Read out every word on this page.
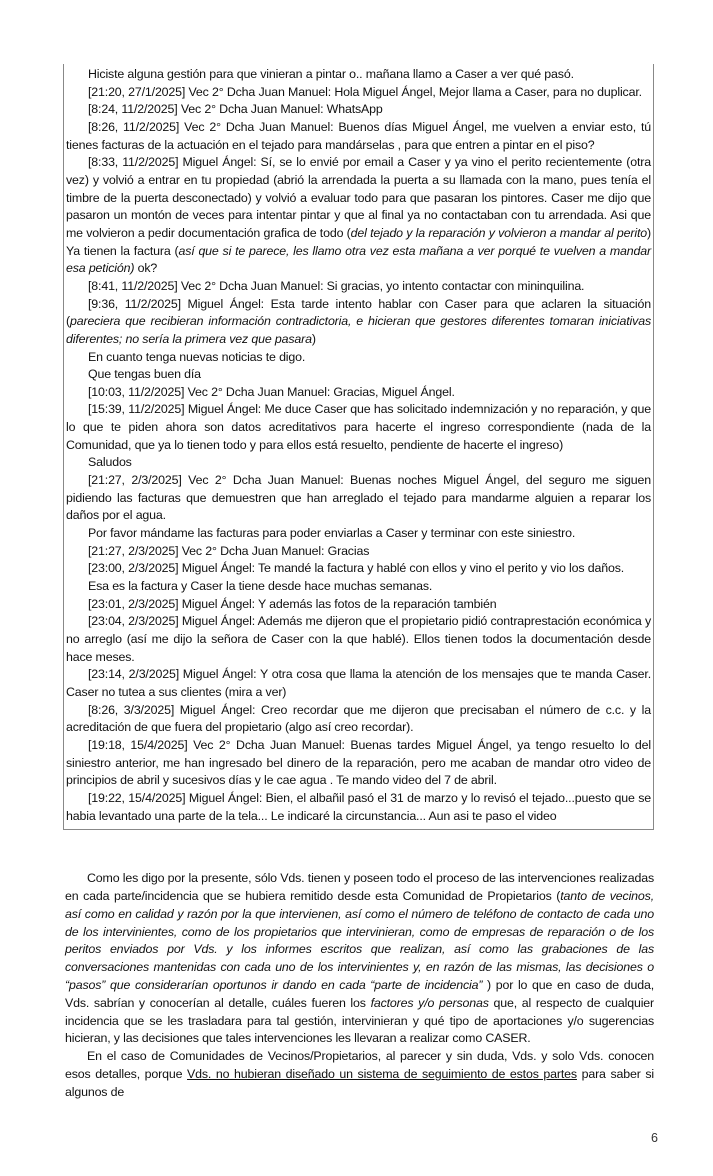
Hiciste alguna gestión para que vinieran a pintar o.. mañana llamo a Caser a ver qué pasó.

[21:20, 27/1/2025] Vec 2° Dcha Juan Manuel: Hola Miguel Ángel, Mejor llama a Caser, para no duplicar.

[8:24, 11/2/2025] Vec 2° Dcha Juan Manuel: WhatsApp

[8:26, 11/2/2025] Vec 2° Dcha Juan Manuel: Buenos días Miguel Ángel, me vuelven a enviar esto, tú tienes facturas de la actuación en el tejado para mandárselas , para que entren a pintar en el piso?

[8:33, 11/2/2025] Miguel Ángel: Sí, se lo envié por email a Caser y ya vino el perito recientemente (otra vez) y volvió a entrar en tu propiedad (abrió la arrendada la puerta a su llamada con la mano, pues tenía el timbre de la puerta desconectado) y volvió a evaluar todo para que pasaran los pintores. Caser me dijo que pasaron un montón de veces para intentar pintar y que al final ya no contactaban con tu arrendada. Asi que me volvieron a pedir documentación grafica de todo (del tejado y la reparación y volvieron a mandar al perito) Ya tienen la factura (así que si te parece, les llamo otra vez esta mañana a ver porqué te vuelven a mandar esa petición) ok?

[8:41, 11/2/2025] Vec 2° Dcha Juan Manuel: Si gracias, yo intento contactar con mininquilina.

[9:36, 11/2/2025] Miguel Ángel: Esta tarde intento hablar con Caser para que aclaren la situación (pareciera que recibieran información contradictoria, e hicieran que gestores diferentes tomaran iniciativas diferentes; no sería la primera vez que pasara)

En cuanto tenga nuevas noticias te digo.

Que tengas buen día

[10:03, 11/2/2025] Vec 2° Dcha Juan Manuel: Gracias, Miguel Ángel.

[15:39, 11/2/2025] Miguel Ángel: Me duce Caser que has solicitado indemnización y no reparación, y que lo que te piden ahora son datos acreditativos para hacerte el ingreso correspondiente (nada de la Comunidad, que ya lo tienen todo y para ellos está resuelto, pendiente de hacerte el ingreso)

Saludos

[21:27, 2/3/2025] Vec 2° Dcha Juan Manuel: Buenas noches Miguel Ángel, del seguro me siguen pidiendo las facturas que demuestren que han arreglado el tejado para mandarme alguien a reparar los daños por el agua.

Por favor mándame las facturas para poder enviarlas a Caser y terminar con este siniestro.

[21:27, 2/3/2025] Vec 2° Dcha Juan Manuel: Gracias

[23:00, 2/3/2025] Miguel Ángel: Te mandé la factura y hablé con ellos y vino el perito y vio los daños.

Esa es la factura y Caser la tiene desde hace muchas semanas.

[23:01, 2/3/2025] Miguel Ángel: Y además las fotos de la reparación también

[23:04, 2/3/2025] Miguel Ángel: Además me dijeron que el propietario pidió contraprestación económica y no arreglo (así me dijo la señora de Caser con la que hablé). Ellos tienen todos la documentación desde hace meses.

[23:14, 2/3/2025] Miguel Ángel: Y otra cosa que llama la atención de los mensajes que te manda Caser. Caser no tutea a sus clientes (mira a ver)

[8:26, 3/3/2025] Miguel Ángel: Creo recordar que me dijeron que precisaban el número de c.c. y la acreditación de que fuera del propietario (algo así creo recordar).

[19:18, 15/4/2025] Vec 2° Dcha Juan Manuel: Buenas tardes Miguel Ángel, ya tengo resuelto lo del siniestro anterior, me han ingresado bel dinero de la reparación, pero me acaban de mandar otro video de principios de abril y sucesivos días y le cae agua . Te mando video del 7 de abril.

[19:22, 15/4/2025] Miguel Ángel: Bien, el albañil pasó el 31 de marzo y lo revisó el tejado...puesto que se habia levantado una parte de la tela... Le indicaré la circunstancia... Aun asi te paso el video

Como les digo por la presente, sólo Vds. tienen y poseen todo el proceso de las intervenciones realizadas en cada parte/incidencia que se hubiera remitido desde esta Comunidad de Propietarios (tanto de vecinos, así como en calidad y razón por la que intervienen, así como el número de teléfono de contacto de cada uno de los intervinientes, como de los propietarios que intervinieran, como de empresas de reparación o de los peritos enviados por Vds. y los informes escritos que realizan, así como las grabaciones de las conversaciones mantenidas con cada uno de los intervinientes y, en razón de las mismas, las decisiones o “pasos” que considerarían oportunos ir dando en cada “parte de incidencia” ) por lo que en caso de duda, Vds. sabrían y conocerían al detalle, cuáles fueren los factores y/o personas que, al respecto de cualquier incidencia que se les trasladara para tal gestión, intervinieran y qué tipo de aportaciones y/o sugerencias hicieran, y las decisiones que tales intervenciones les llevaran a realizar como CASER.

En el caso de Comunidades de Vecinos/Propietarios, al parecer y sin duda, Vds. y solo Vds. conocen esos detalles, porque Vds. no hubieran diseñado un sistema de seguimiento de estos partes para saber si algunos de

6
